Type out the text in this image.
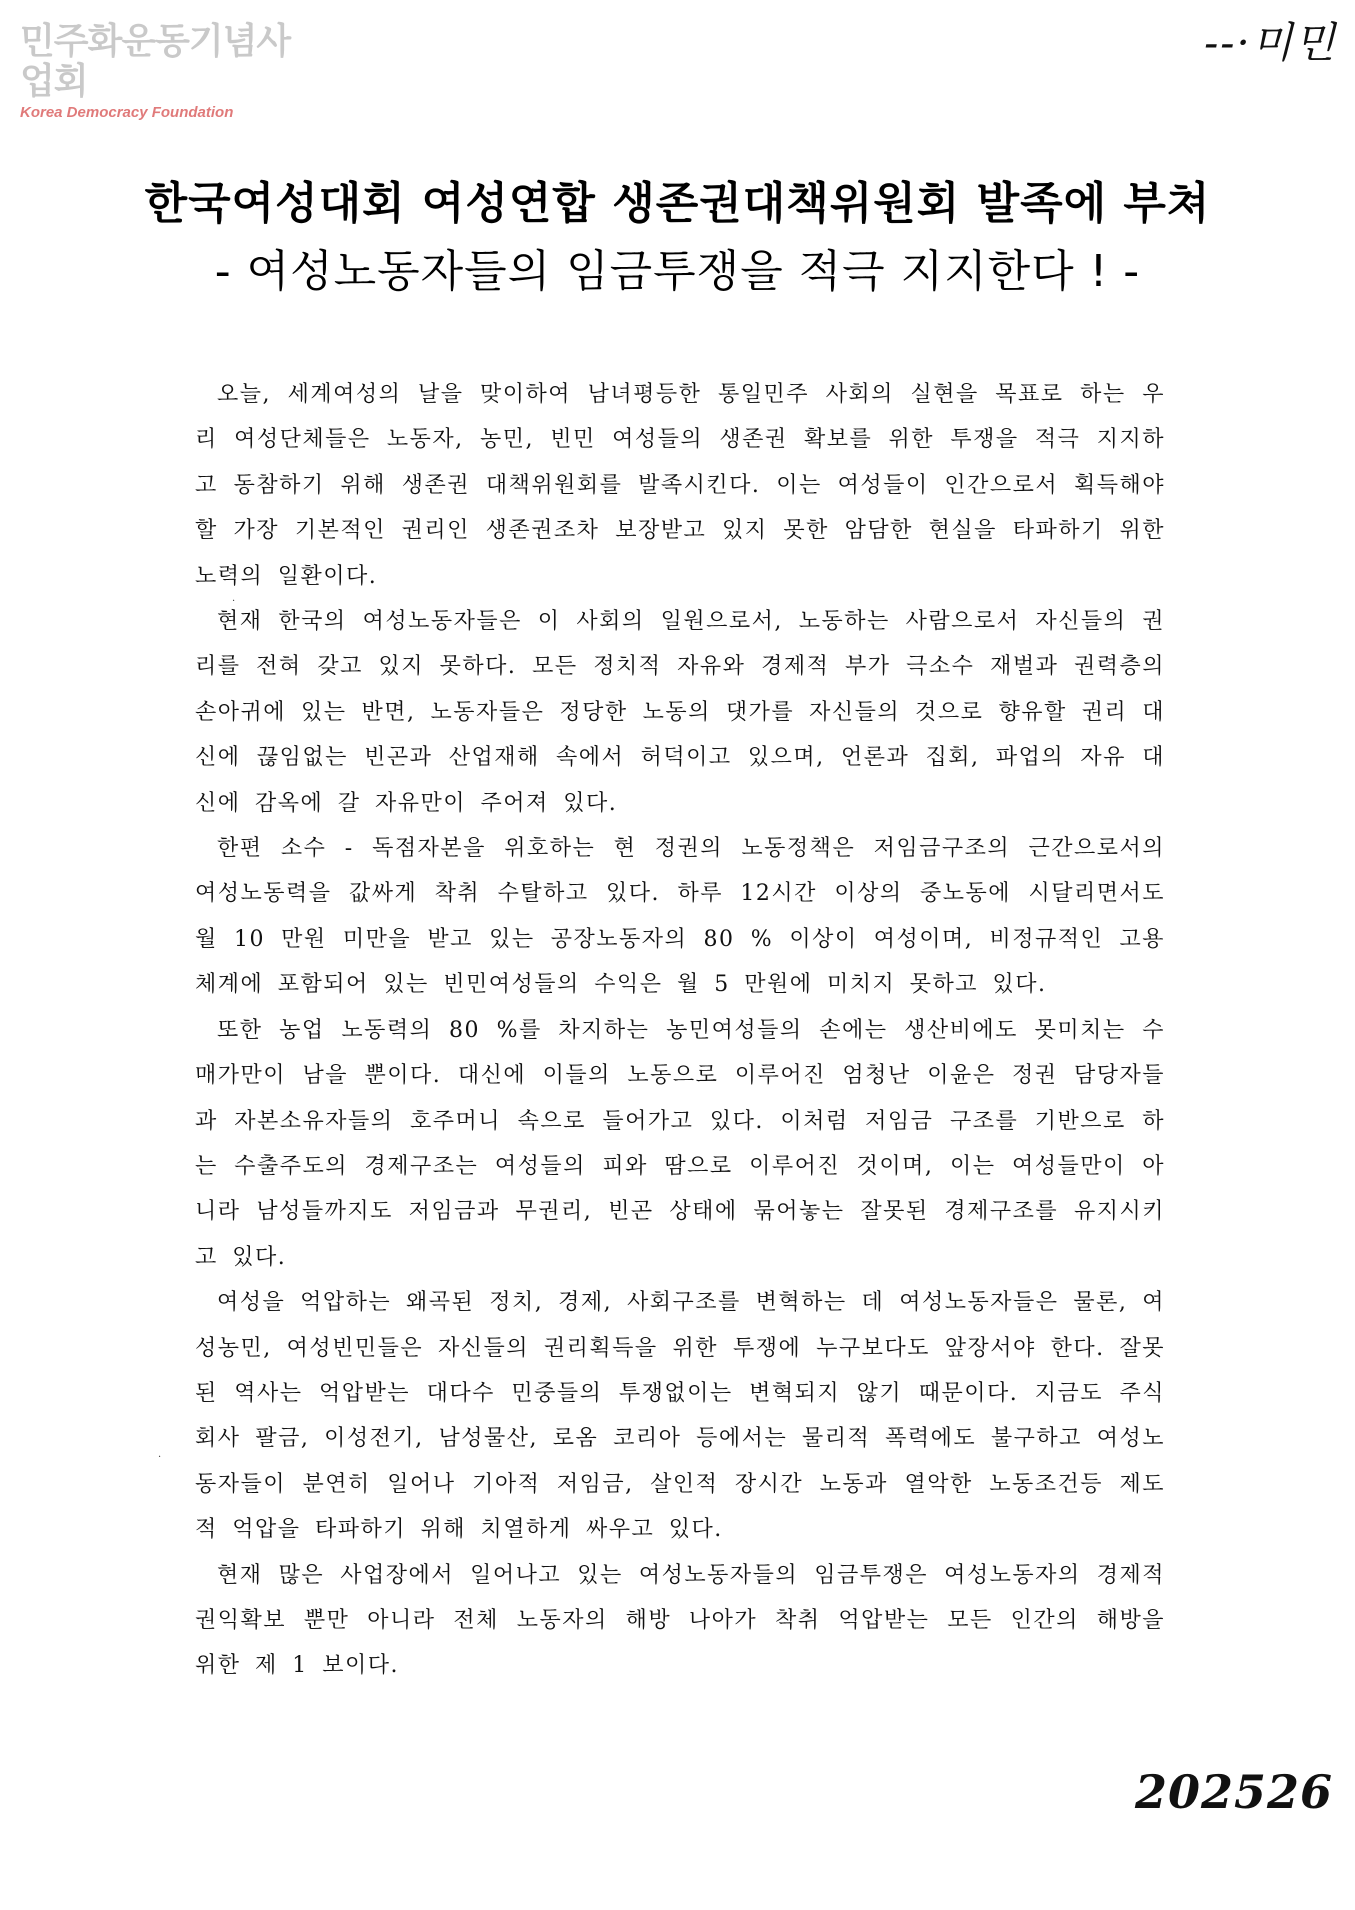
민주화운동기념사업회
Korea Democracy Foundation
--·미민
한국여성대회 여성연합 생존권대책위원회 발족에 부쳐
- 여성노동자들의 임금투쟁을 적극 지지한다 ! -

오늘, 세계여성의 날을 맞이하여 남녀평등한 통일민주 사회의 실현을 목표로 하는 우리 여성단체들은 노동자, 농민, 빈민 여성들의 생존권 확보를 위한 투쟁을 적극 지지하고 동참하기 위해 생존권 대책위원회를 발족시킨다. 이는 여성들이 인간으로서 획득해야 할 가장 기본적인 권리인 생존권조차 보장받고 있지 못한 암담한 현실을 타파하기 위한 노력의 일환이다.

현재 한국의 여성노동자들은 이 사회의 일원으로서, 노동하는 사람으로서 자신들의 권리를 전혀 갖고 있지 못하다. 모든 정치적 자유와 경제적 부가 극소수 재벌과 권력층의 손아귀에 있는 반면, 노동자들은 정당한 노동의 댓가를 자신들의 것으로 향유할 권리 대신에 끊임없는 빈곤과 산업재해 속에서 허덕이고 있으며, 언론과 집회, 파업의 자유 대신에 감옥에 갈 자유만이 주어져 있다.

한편 소수 - 독점자본을 위호하는 현 정권의 노동정책은 저임금구조의 근간으로서의 여성노동력을 값싸게 착취 수탈하고 있다. 하루 12시간 이상의 중노동에 시달리면서도 월 10 만원 미만을 받고 있는 공장노동자의 80 % 이상이 여성이며, 비정규적인 고용체계에 포함되어 있는 빈민여성들의 수익은 월 5 만원에 미치지 못하고 있다.

또한 농업 노동력의 80 %를 차지하는 농민여성들의 손에는 생산비에도 못미치는 수매가만이 남을 뿐이다. 대신에 이들의 노동으로 이루어진 엄청난 이윤은 정권 담당자들과 자본소유자들의 호주머니 속으로 들어가고 있다. 이처럼 저임금 구조를 기반으로 하는 수출주도의 경제구조는 여성들의 피와 땀으로 이루어진 것이며, 이는 여성들만이 아니라 남성들까지도 저임금과 무권리, 빈곤 상태에 묶어놓는 잘못된 경제구조를 유지시키고 있다.

여성을 억압하는 왜곡된 정치, 경제, 사회구조를 변혁하는 데 여성노동자들은 물론, 여성농민, 여성빈민들은 자신들의 권리획득을 위한 투쟁에 누구보다도 앞장서야 한다. 잘못된 역사는 억압받는 대다수 민중들의 투쟁없이는 변혁되지 않기 때문이다. 지금도 주식회사 팔금, 이성전기, 남성물산, 로옴 코리아 등에서는 물리적 폭력에도 불구하고 여성노동자들이 분연히 일어나 기아적 저임금, 살인적 장시간 노동과 열악한 노동조건등 제도적 억압을 타파하기 위해 치열하게 싸우고 있다.

현재 많은 사업장에서 일어나고 있는 여성노동자들의 임금투쟁은 여성노동자의 경제적 권익확보 뿐만 아니라 전체 노동자의 해방 나아가 착취 억압받는 모든 인간의 해방을 위한 제 1 보이다.

·
·
202526
